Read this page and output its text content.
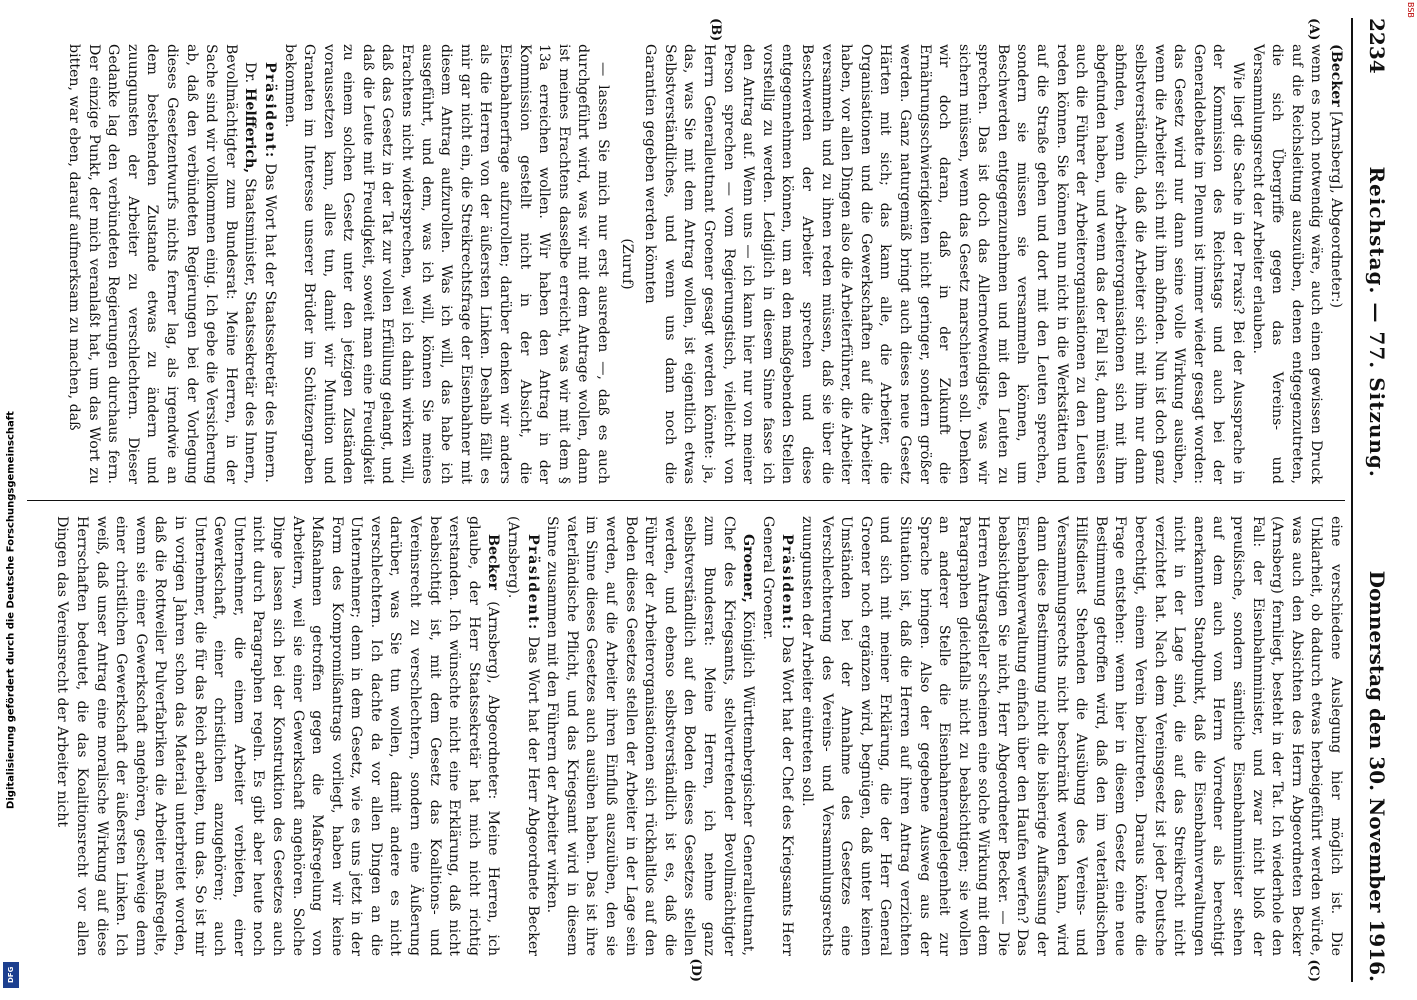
Digitalisierung gefördert durch die Deutsche Forschungsgemeinschaft
DFG
BSB
2234
Reichstag. — 77. Sitzung.
Donnerstag den 30. November 1916.
(A)
(B)

(Becker [Arnsberg], Abgeordneter:)

wenn es noch notwendig wäre, auch einen gewissen Druck auf die Reichsleitung auszuüben, denen entgegenzutreten, die sich Übergriffe gegen das Vereins- und Versammlungsrecht der Arbeiter erlauben.

Wie liegt die Sache in der Praxis? Bei der Aussprache in der Kommission des Reichstags und auch bei der Generaldebatte im Plenum ist immer wieder gesagt worden: das Gesetz wird nur dann seine volle Wirkung ausüben, wenn die Arbeiter sich mit ihm abfinden. Nun ist doch ganz selbstverständlich, daß die Arbeiter sich mit ihm nur dann abfinden, wenn die Arbeiterorganisationen sich mit ihm abgefunden haben, und wenn das der Fall ist, dann müssen auch die Führer der Arbeiterorganisationen zu den Leuten reden können. Sie können nun nicht in die Werkstätten und auf die Straße gehen und dort mit den Leuten sprechen, sondern sie müssen sie versammeln können, um Beschwerden entgegenzunehmen und mit den Leuten zu sprechen. Das ist doch das Allernotwendigste, was wir sichern müssen, wenn das Gesetz marschieren soll. Denken wir doch daran, daß in der Zukunft die Ernährungsschwierigkeiten nicht geringer, sondern größer werden. Ganz naturgemäß bringt auch dieses neue Gesetz Härten mit sich; das kann alle, die Arbeiter, die Organisationen und die Gewerkschaften auf die Arbeiter haben, vor allen Dingen also die Arbeiterführer, die Arbeiter versammeln und zu ihnen reden müssen, daß sie über die Beschwerden der Arbeiter sprechen und diese entgegennehmen können, um an den maßgebenden Stellen vorstellig zu werden. Lediglich in diesem Sinne fasse ich den Antrag auf. Wenn uns — ich kann hier nur von meiner Person sprechen — vom Regierungstisch, vielleicht von Herrn Generalleutnant Groener gesagt werden könnte: ja, das, was Sie mit dem Antrag wollen, ist eigentlich etwas Selbstverständliches, und wenn uns dann noch die Garantien gegeben werden könnten

(Zuruf)

— lassen Sie mich nur erst ausreden —, daß es auch durchgeführt wird, was wir mit dem Antrage wollen, dann ist meines Erachtens dasselbe erreicht, was wir mit dem § 13a erreichen wollen. Wir haben den Antrag in der Kommission gestellt nicht in der Absicht, die Eisenbahnerfrage aufzurollen; darüber denken wir anders als die Herren von der äußersten Linken. Deshalb fällt es mir gar nicht ein, die Streikrechtsfrage der Eisenbahner mit diesem Antrag aufzurollen. Was ich will, das habe ich ausgeführt, und dem, was ich will, können Sie meines Erachtens nicht widersprechen, weil ich dahin wirken will, daß das Gesetz in der Tat zur vollen Erfüllung gelangt, und daß die Leute mit Freudigkeit, soweit man eine Freudigkeit zu einem solchen Gesetz unter den jetzigen Zuständen voraussetzen kann, alles tun, damit wir Munition und Granaten im Interesse unserer Brüder im Schützengraben bekommen.

Präsident: Das Wort hat der Staatssekretär des Innern.

Dr. Helfferich, Staatsminister, Staatssekretär des Innern, Bevollmächtigter zum Bundesrat: Meine Herren, in der Sache sind wir vollkommen einig. Ich gebe die Versicherung ab, daß den verbündeten Regierungen bei der Vorlegung dieses Gesetzentwurfs nichts ferner lag, als irgendwie an dem bestehenden Zustande etwas zu ändern und zuungunsten der Arbeiter zu verschlechtern. Dieser Gedanke lag den verbündeten Regierungen durchaus fern. Der einzige Punkt, der mich veranlaßt hat, um das Wort zu bitten, war eben, darauf aufmerksam zu machen, daß

(C)
(D)

eine verschiedene Auslegung hier möglich ist. Die Unklarheit, ob dadurch etwas herbeigeführt werden würde, was auch den Absichten des Herrn Abgeordneten Becker (Arnsberg) fernliegt, besteht in der Tat. Ich wiederhole den Fall: der Eisenbahnminister, und zwar nicht bloß der preußische, sondern sämtliche Eisenbahnminister stehen auf dem auch vom Herrn Vorredner als berechtigt anerkannten Standpunkt, daß die Eisenbahnverwaltungen nicht in der Lage sind, die auf das Streikrecht nicht verzichtet hat. Nach dem Vereinsgesetz ist jeder Deutsche berechtigt, einem Verein beizutreten. Daraus könnte die Frage entstehen: wenn hier in diesem Gesetz eine neue Bestimmung getroffen wird, daß den im vaterländischen Hilfsdienst Stehenden die Ausübung des Vereins- und Versammlungsrechts nicht beschränkt werden kann, wird dann diese Bestimmung nicht die bisherige Auffassung der Eisenbahnverwaltung einfach über den Haufen werfen? Das beabsichtigen Sie nicht, Herr Abgeordneter Becker. — Die Herren Antragsteller scheinen eine solche Wirkung mit dem Paragraphen gleichfalls nicht zu beabsichtigen; sie wollen an anderer Stelle die Eisenbahnerangelegenheit zur Sprache bringen. Also der gegebene Ausweg aus der Situation ist, daß die Herren auf ihren Antrag verzichten und sich mit meiner Erklärung, die der Herr General Groener noch ergänzen wird, begnügen, daß unter keinen Umständen bei der Annahme des Gesetzes eine Verschlechterung des Vereins- und Versammlungsrechts zuungunsten der Arbeiter eintreten soll.

Präsident: Das Wort hat der Chef des Kriegsamts Herr General Groener.

Groener, Königlich Württembergischer Generalleutnant, Chef des Kriegsamts, stellvertretender Bevollmächtigter zum Bundesrat: Meine Herren, ich nehme ganz selbstverständlich auf den Boden dieses Gesetzes stellen werden, und ebenso selbstverständlich ist es, daß die Führer der Arbeiterorganisationen sich rückhaltlos auf den Boden dieses Gesetzes stellen der Arbeiter in der Lage sein werden, auf die Arbeiter ihren Einfluß auszuüben, den sie im Sinne dieses Gesetzes auch ausüben haben. Das ist ihre vaterländische Pflicht, und das Kriegsamt wird in diesem Sinne zusammen mit den Führern der Arbeiter wirken.

Präsident: Das Wort hat der Herr Abgeordnete Becker (Arnsberg).

Becker (Arnsberg), Abgeordneter: Meine Herren, ich glaube, der Herr Staatssekretär hat mich nicht richtig verstanden. Ich wünschte nicht eine Erklärung, daß nicht beabsichtigt ist, mit dem Gesetz das Koalitions- und Vereinsrecht zu verschlechtern, sondern eine Äußerung darüber, was Sie tun wollen, damit andere es nicht verschlechtern. Ich dachte da vor allen Dingen an die Unternehmer; denn in dem Gesetz, wie es uns jetzt in der Form des Kompromißantrags vorliegt, haben wir keine Maßnahmen getroffen gegen die Maßregelung von Arbeitern, weil sie einer Gewerkschaft angehören. Solche Dinge lassen sich bei der Konstruktion des Gesetzes auch nicht durch Paragraphen regeln. Es gibt aber heute noch Unternehmer, die einem Arbeiter verbieten, einer Gewerkschaft, einer christlichen anzugehören; auch Unternehmer, die für das Reich arbeiten, tun das. So ist mir in vorigen Jahren schon das Material unterbreitet worden, daß die Rottweiler Pulverfabriken die Arbeiter maßregelte, wenn sie einer Gewerkschaft angehören, geschweige denn einer christlichen Gewerkschaft der äußersten Linken. Ich weiß, daß unser Antrag eine moralische Wirkung auf diese Herrschaften bedeutet, die das Koalitionsrecht vor allen Dingen das Vereinsrecht der Arbeiter nicht
